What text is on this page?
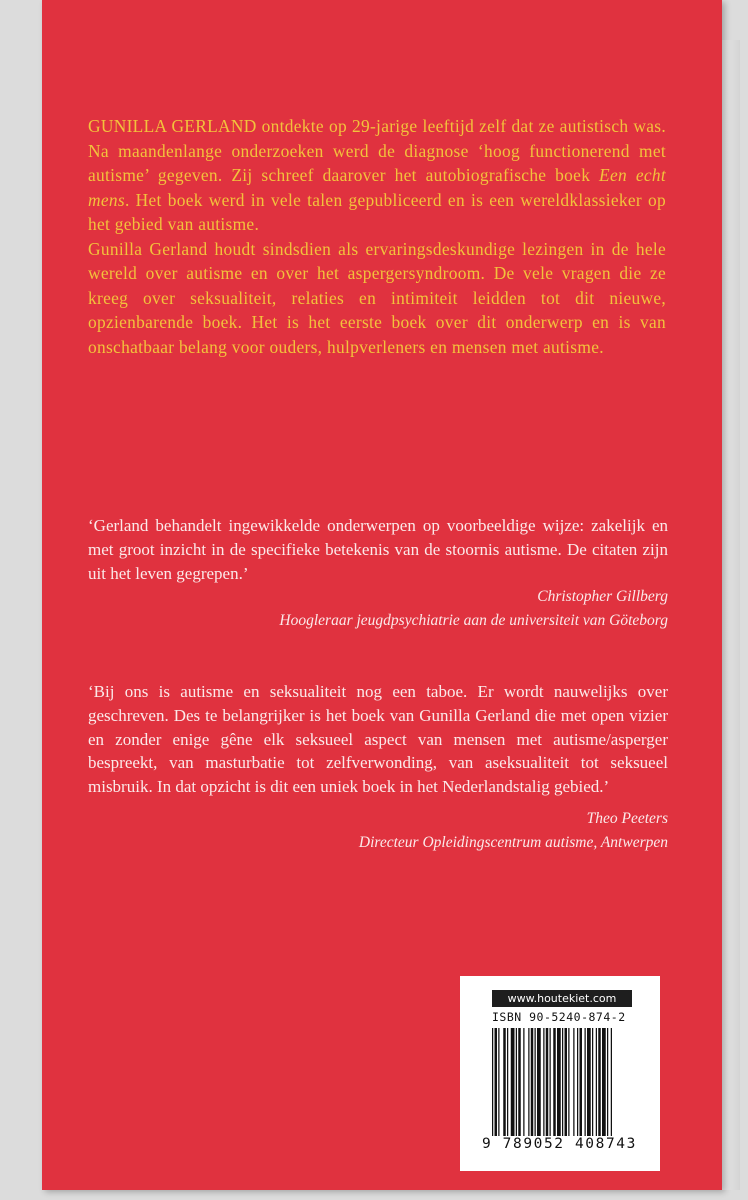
GUNILLA GERLAND ontdekte op 29-jarige leeftijd zelf dat ze autistisch was. Na maandenlange onderzoeken werd de diagnose ‘hoog functionerend met autisme’ gegeven. Zij schreef daarover het autobiografische boek Een echt mens. Het boek werd in vele talen gepubliceerd en is een wereldklassieker op het gebied van autisme.

Gunilla Gerland houdt sindsdien als ervaringsdeskundige lezingen in de hele wereld over autisme en over het aspergersyndroom. De vele vragen die ze kreeg over seksualiteit, relaties en intimiteit leidden tot dit nieuwe, opzienbarende boek. Het is het eerste boek over dit onderwerp en is van onschatbaar belang voor ouders, hulpverleners en mensen met autisme.

‘Gerland behandelt ingewikkelde onderwerpen op voorbeeldige wijze: zakelijk en met groot inzicht in de specifieke betekenis van de stoornis autisme. De citaten zijn uit het leven gegrepen.’

Christopher Gillberg

Hoogleraar jeugdpsychiatrie aan de universiteit van Göteborg

‘Bij ons is autisme en seksualiteit nog een taboe. Er wordt nauwelijks over geschreven. Des te belangrijker is het boek van Gunilla Gerland die met open vizier en zonder enige gêne elk seksueel aspect van mensen met autisme/asperger bespreekt, van masturbatie tot zelfverwonding, van aseksualiteit tot seksueel misbruik. In dat opzicht is dit een uniek boek in het Nederlandstalig gebied.’

Theo Peeters

Directeur Opleidingscentrum autisme, Antwerpen

www.houtekiet.com
ISBN 90-5240-874-2
9 789052 408743
